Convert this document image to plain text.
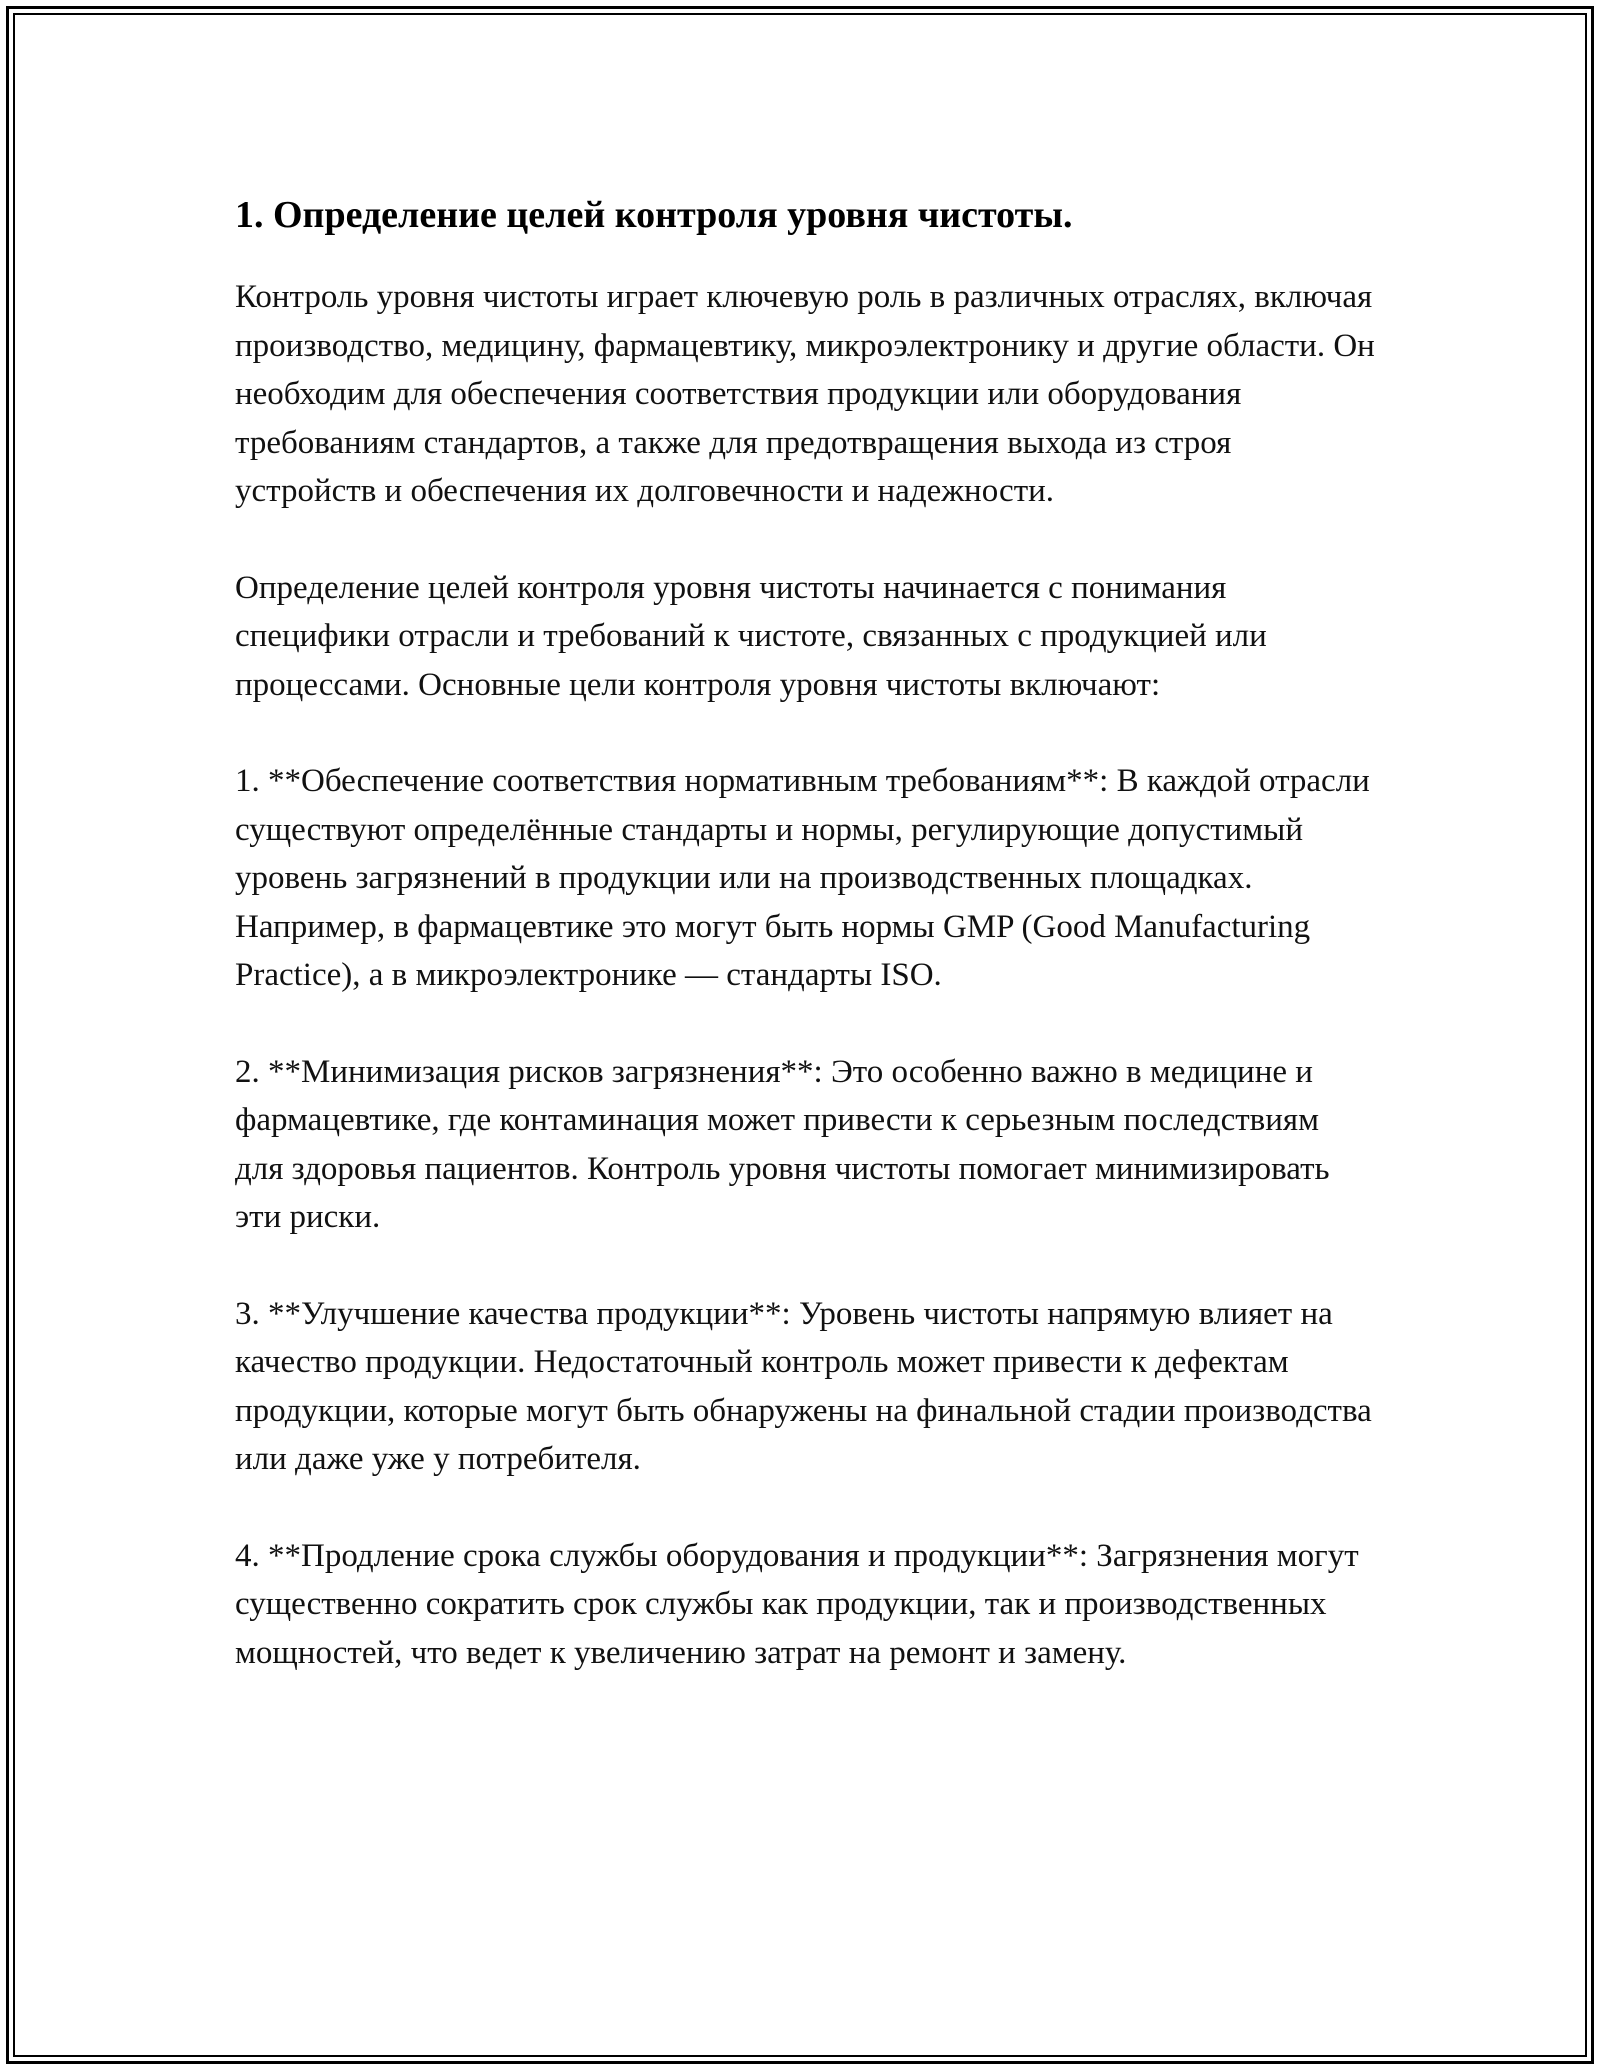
1. Определение целей контроля уровня чистоты.

Контроль уровня чистоты играет ключевую роль в различных отраслях, включая производство, медицину, фармацевтику, микроэлектронику и другие области. Он необходим для обеспечения соответствия продукции или оборудования требованиям стандартов, а также для предотвращения выхода из строя устройств и обеспечения их долговечности и надежности.

Определение целей контроля уровня чистоты начинается с понимания специфики отрасли и требований к чистоте, связанных с продукцией или процессами. Основные цели контроля уровня чистоты включают:

1. **Обеспечение соответствия нормативным требованиям**: В каждой отрасли существуют определённые стандарты и нормы, регулирующие допустимый уровень загрязнений в продукции или на производственных площадках. Например, в фармацевтике это могут быть нормы GMP (Good Manufacturing Practice), а в микроэлектронике — стандарты ISO.

2. **Минимизация рисков загрязнения**: Это особенно важно в медицине и фармацевтике, где контаминация может привести к серьезным последствиям для здоровья пациентов. Контроль уровня чистоты помогает минимизировать эти риски.

3. **Улучшение качества продукции**: Уровень чистоты напрямую влияет на качество продукции. Недостаточный контроль может привести к дефектам продукции, которые могут быть обнаружены на финальной стадии производства или даже уже у потребителя.

4. **Продление срока службы оборудования и продукции**: Загрязнения могут существенно сократить срок службы как продукции, так и производственных мощностей, что ведет к увеличению затрат на ремонт и замену.
